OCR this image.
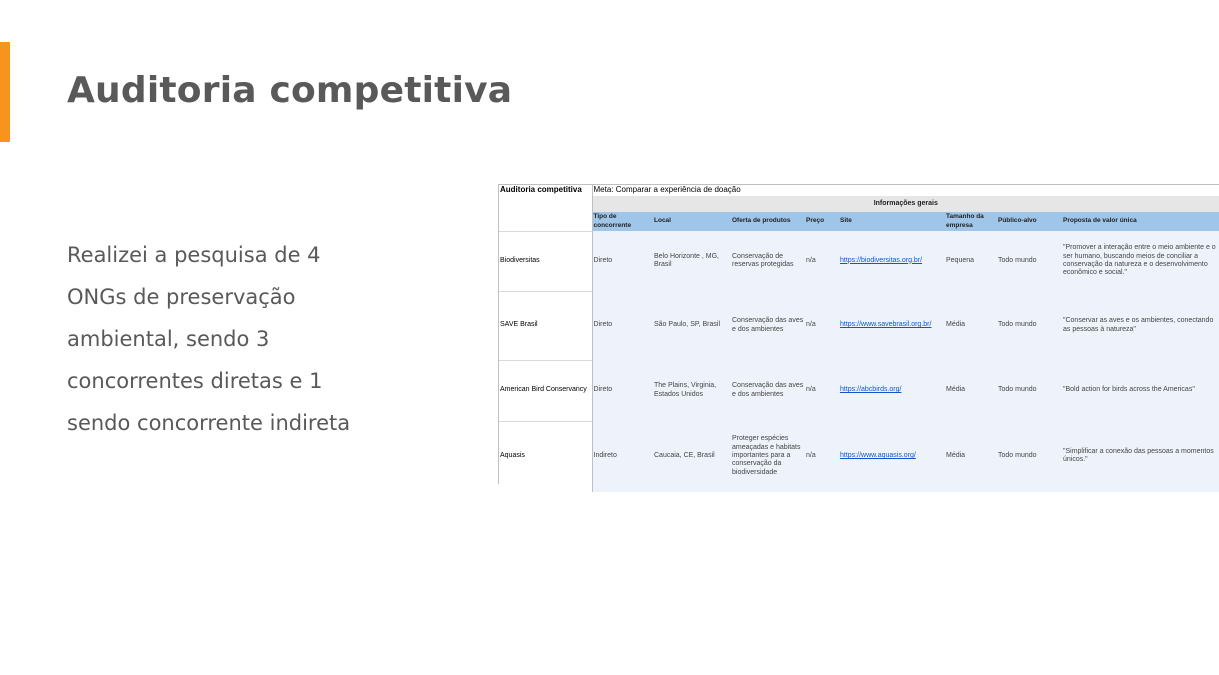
Auditoria competitiva
Realizei a pesquisa de 4
ONGs de preservação
ambiental, sendo 3
concorrentes diretas e 1
sendo concorrente indireta
Auditoria competitiva	Meta: Comparar a experiência de doação							
	Informações gerais							
	Tipo de concorrente	Local	Oferta de produtos	Preço	Site	Tamanho da empresa	Público-alvo	Proposta de valor única
Biodiversitas	Direto	Belo Horizonte , MG, Brasil	Conservação de reservas protegidas	n/a	https://biodiversitas.org.br/	Pequena	Todo mundo	"Promover a interação entre o meio ambiente e o ser humano, buscando meios de conciliar a conservação da natureza e o desenvolvimento econômico e social."
SAVE Brasil	Direto	São Paulo, SP, Brasil	Conservação das aves e dos ambientes	n/a	https://www.savebrasil.org.br/	Média	Todo mundo	"Conservar as aves e os ambientes, conectando as pessoas à natureza"
American Bird Conservancy	Direto	The Plains, Virginia, Estados Unidos	Conservação das aves e dos ambientes	n/a	https://abcbirds.org/	Média	Todo mundo	"Bold action for birds across the Americas"
Aquasis	Indireto	Caucaia, CE, Brasil	Proteger espécies ameaçadas e habitats importantes para a conservação da biodiversidade	n/a	https://www.aquasis.org/	Média	Todo mundo	"Simplificar a conexão das pessoas a momentos únicos."
